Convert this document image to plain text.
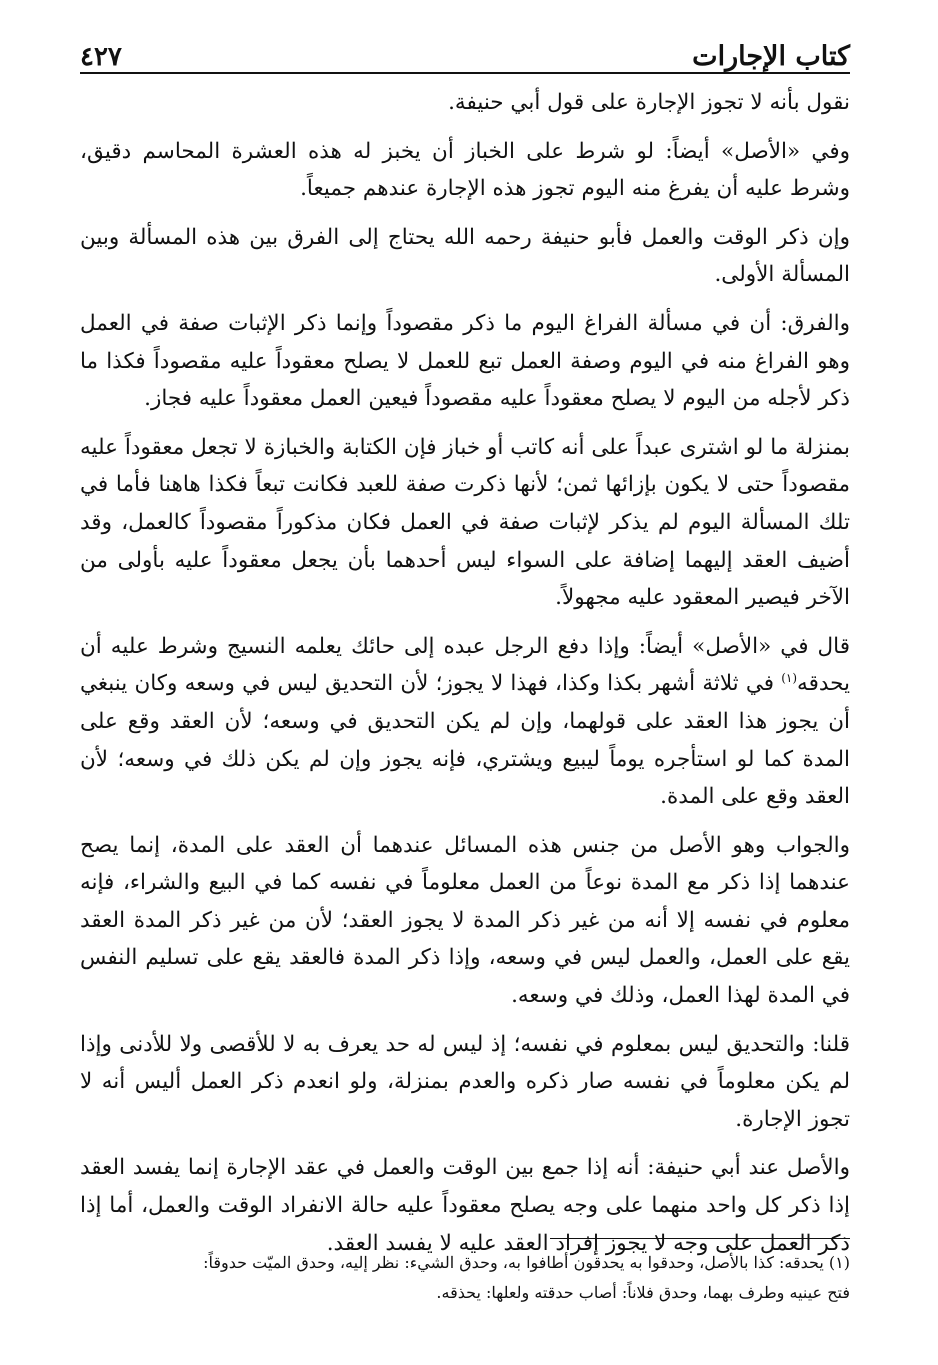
كتاب الإجارات
٤٢٧

نقول بأنه لا تجوز الإجارة على قول أبي حنيفة.

وفي «الأصل» أيضاً: لو شرط على الخباز أن يخبز له هذه العشرة المحاسم دقيق، وشرط عليه أن يفرغ منه اليوم تجوز هذه الإجارة عندهم جميعاً.

وإن ذكر الوقت والعمل فأبو حنيفة رحمه الله يحتاج إلى الفرق بين هذه المسألة وبين المسألة الأولى.

والفرق: أن في مسألة الفراغ اليوم ما ذكر مقصوداً وإنما ذكر الإثبات صفة في العمل وهو الفراغ منه في اليوم وصفة العمل تبع للعمل لا يصلح معقوداً عليه مقصوداً فكذا ما ذكر لأجله من اليوم لا يصلح معقوداً عليه مقصوداً فيعين العمل معقوداً عليه فجاز.

بمنزلة ما لو اشترى عبداً على أنه كاتب أو خباز فإن الكتابة والخبازة لا تجعل معقوداً عليه مقصوداً حتى لا يكون بإزائها ثمن؛ لأنها ذكرت صفة للعبد فكانت تبعاً فكذا هاهنا فأما في تلك المسألة اليوم لم يذكر لإثبات صفة في العمل فكان مذكوراً مقصوداً كالعمل، وقد أضيف العقد إليهما إضافة على السواء ليس أحدهما بأن يجعل معقوداً عليه بأولى من الآخر فيصير المعقود عليه مجهولاً.

قال في «الأصل» أيضاً: وإذا دفع الرجل عبده إلى حائك يعلمه النسيج وشرط عليه أن يحدقه$^{(١)}$ في ثلاثة أشهر بكذا وكذا، فهذا لا يجوز؛ لأن التحديق ليس في وسعه وكان ينبغي أن يجوز هذا العقد على قولهما، وإن لم يكن التحديق في وسعه؛ لأن العقد وقع على المدة كما لو استأجره يوماً ليبيع ويشتري، فإنه يجوز وإن لم يكن ذلك في وسعه؛ لأن العقد وقع على المدة.

والجواب وهو الأصل من جنس هذه المسائل عندهما أن العقد على المدة، إنما يصح عندهما إذا ذكر مع المدة نوعاً من العمل معلوماً في نفسه كما في البيع والشراء، فإنه معلوم في نفسه إلا أنه من غير ذكر المدة لا يجوز العقد؛ لأن من غير ذكر المدة العقد يقع على العمل، والعمل ليس في وسعه، وإذا ذكر المدة فالعقد يقع على تسليم النفس في المدة لهذا العمل، وذلك في وسعه.

قلنا: والتحديق ليس بمعلوم في نفسه؛ إذ ليس له حد يعرف به لا للأقصى ولا للأدنى وإذا لم يكن معلوماً في نفسه صار ذكره والعدم بمنزلة، ولو انعدم ذكر العمل أليس أنه لا تجوز الإجارة.

والأصل عند أبي حنيفة: أنه إذا جمع بين الوقت والعمل في عقد الإجارة إنما يفسد العقد إذا ذكر كل واحد منهما على وجه يصلح معقوداً عليه حالة الانفراد الوقت والعمل، أما إذا ذكر العمل على وجه لا يجوز إفراد العقد عليه لا يفسد العقد.

(١) يحدقه: كذا بالأصل، وحدقوا به يحدقون أطافوا به، وحدق الشيء: نظر إليه، وحدق الميّت حدوقاً:

فتح عينيه وطرف بهما، وحدق فلاناً: أصاب حدقته ولعلها: يحذقه.
